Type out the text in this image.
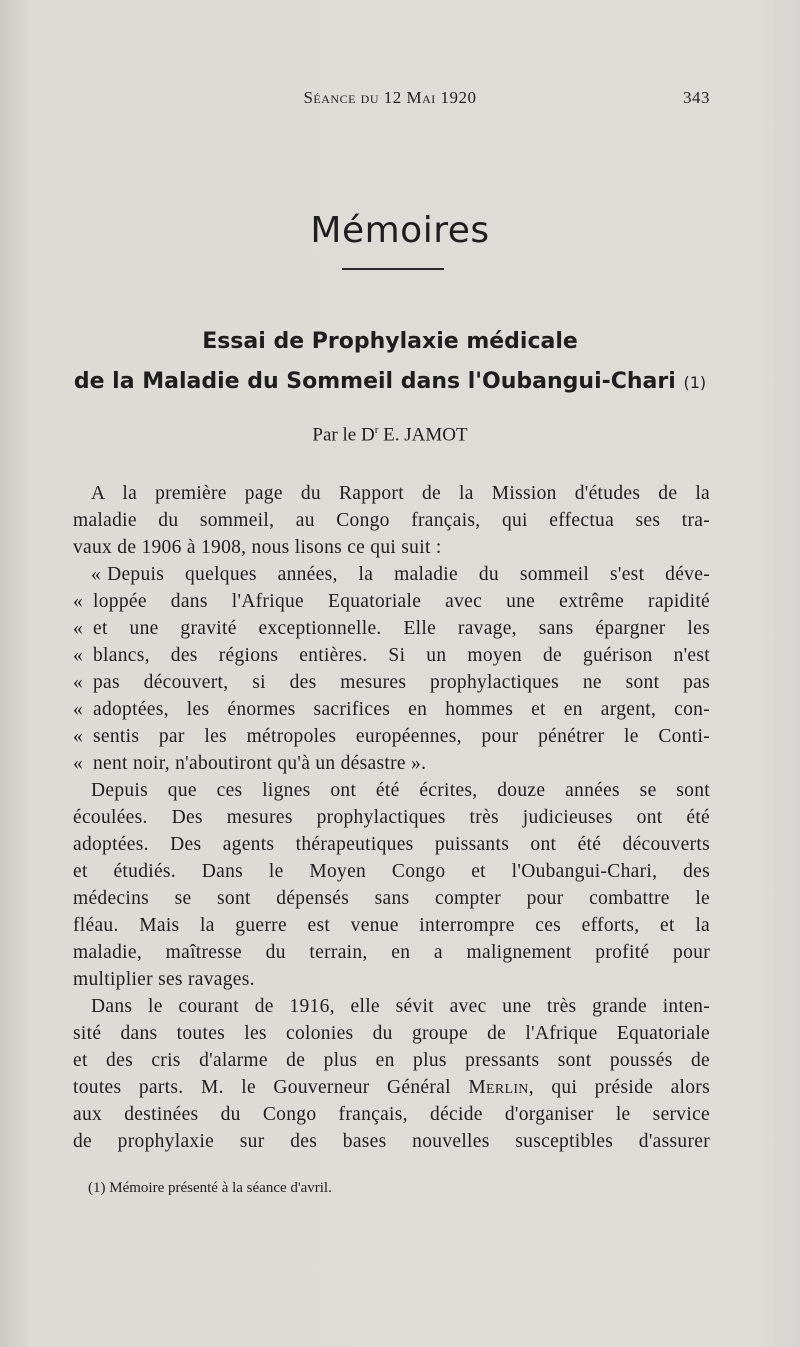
Séance du 12 Mai 1920	343
Mémoires
Essai de Prophylaxie médicale
de la Maladie du Sommeil dans l'Oubangui-Chari (1)
Par le $D^r$ E. JAMOT
A la première page du Rapport de la Mission d'études de la
maladie du sommeil, au Congo français, qui effectua ses tra-
vaux de 1906 à 1908, nous lisons ce qui suit :
« Depuis quelques années, la maladie du sommeil s'est déve-
« loppée dans l'Afrique Equatoriale avec une extrême rapidité
« et une gravité exceptionnelle. Elle ravage, sans épargner les
« blancs, des régions entières. Si un moyen de guérison n'est
« pas découvert, si des mesures prophylactiques ne sont pas
« adoptées, les énormes sacrifices en hommes et en argent, con-
« sentis par les métropoles européennes, pour pénétrer le Conti-
« nent noir, n'aboutiront qu'à un désastre ».
Depuis que ces lignes ont été écrites, douze années se sont
écoulées. Des mesures prophylactiques très judicieuses ont été
adoptées. Des agents thérapeutiques puissants ont été découverts
et étudiés. Dans le Moyen Congo et l'Oubangui-Chari, des
médecins se sont dépensés sans compter pour combattre le
fléau. Mais la guerre est venue interrompre ces efforts, et la
maladie, maîtresse du terrain, en a malignement profité pour
multiplier ses ravages.
Dans le courant de 1916, elle sévit avec une très grande inten-
sité dans toutes les colonies du groupe de l'Afrique Equatoriale
et des cris d'alarme de plus en plus pressants sont poussés de
toutes parts. M. le Gouverneur Général Merlin, qui préside alors
aux destinées du Congo français, décide d'organiser le service
de prophylaxie sur des bases nouvelles susceptibles d'assurer
(1) Mémoire présenté à la séance d'avril.
